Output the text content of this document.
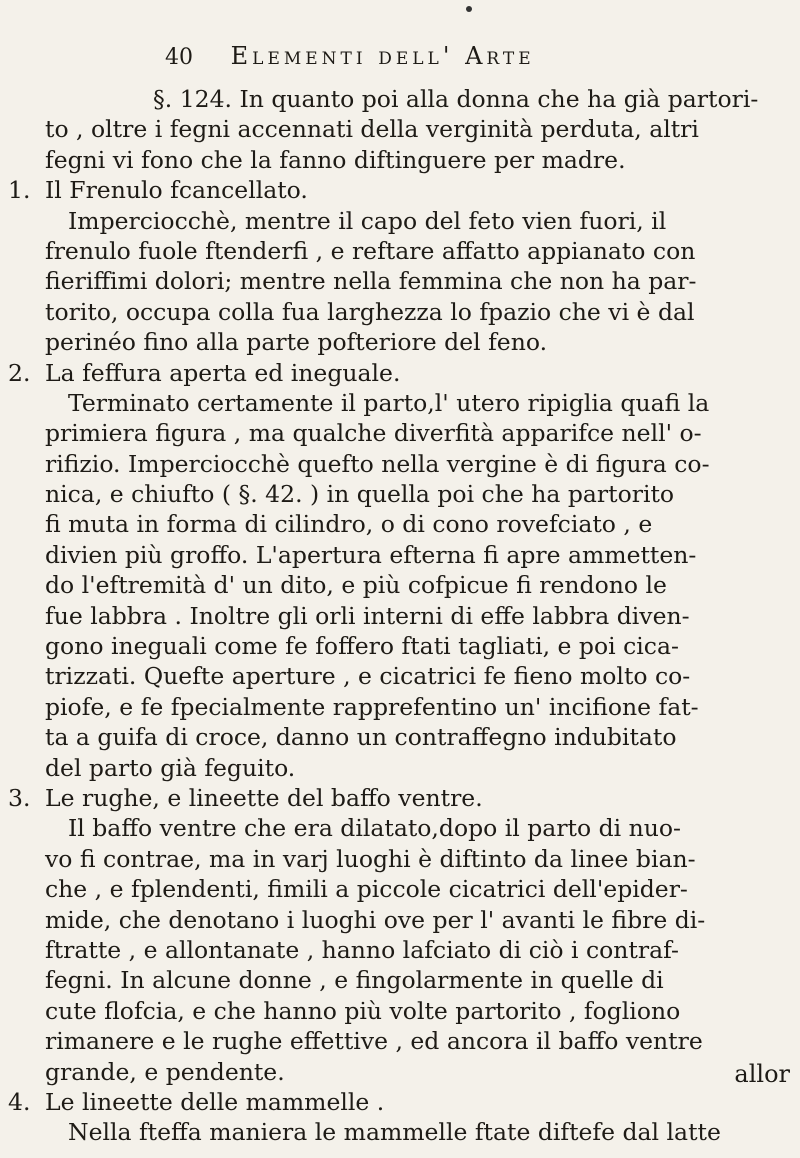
40 Elementi dell' Arte
§. 124. In quanto poi alla donna che ha già partori-
to , oltre i fegni accennati della verginità perduta, altri
fegni vi fono che la fanno diftinguere per madre.
1. Il Frenulo fcancellato.
Imperciocchè, mentre il capo del feto vien fuori, il
frenulo fuole ftenderfi , e reftare affatto appianato con
fieriffimi dolori; mentre nella femmina che non ha par-
torito, occupa colla fua larghezza lo fpazio che vi è dal
perinéo fino alla parte pofteriore del feno.
2. La feffura aperta ed ineguale.
Terminato certamente il parto,l' utero ripiglia quafi la
primiera figura , ma qualche diverfità apparifce nell' o-
rifizio. Imperciocchè quefto nella vergine è di figura co-
nica, e chiufto ( §. 42. ) in quella poi che ha partorito
fi muta in forma di cilindro, o di cono rovefciato , e
divien più groffo. L'apertura efterna fi apre ammetten-
do l'eftremità d' un dito, e più cofpicue fi rendono le
fue labbra . Inoltre gli orli interni di effe labbra diven-
gono ineguali come fe foffero ftati tagliati, e poi cica-
trizzati. Quefte aperture , e cicatrici fe fieno molto co-
piofe, e fe fpecialmente rapprefentino un' incifione fat-
ta a guifa di croce, danno un contraffegno indubitato
del parto già feguito.
3. Le rughe, e lineette del baffo ventre.
Il baffo ventre che era dilatato,dopo il parto di nuo-
vo fi contrae, ma in varj luoghi è diftinto da linee bian-
che , e fplendenti, fimili a piccole cicatrici dell'epider-
mide, che denotano i luoghi ove per l' avanti le fibre di-
ftratte , e allontanate , hanno lafciato di ciò i contraf-
fegni. In alcune donne , e fingolarmente in quelle di
cute flofcia, e che hanno più volte partorito , fogliono
rimanere e le rughe effettive , ed ancora il baffo ventre
grande, e pendente.
4. Le lineette delle mammelle .
Nella fteffa maniera le mammelle ftate diftefe dal latte
allor
